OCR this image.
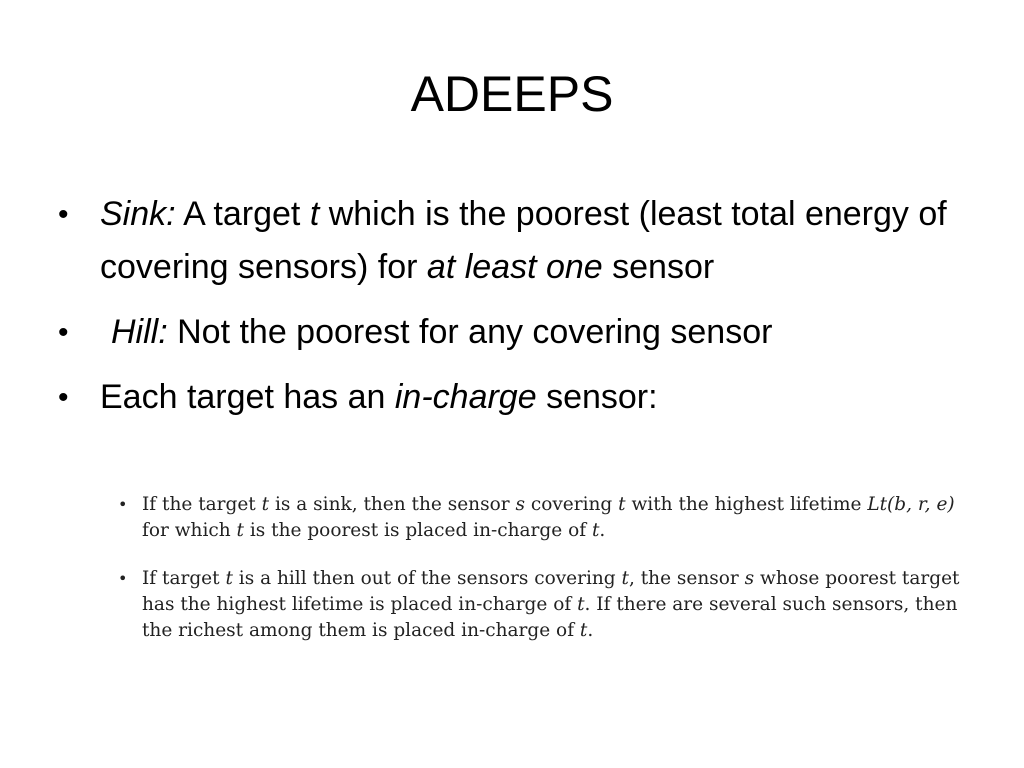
ADEEPS
• Sink: A target t which is the poorest (least total energy of covering sensors) for at least one sensor
• Hill: Not the poorest for any covering sensor
• Each target has an in-charge sensor:
• If the target t is a sink, then the sensor s covering t with the highest lifetime Lt(b, r, e)
for which t is the poorest is placed in-charge of t.
• If target t is a hill then out of the sensors covering t, the sensor s whose poorest target
has the highest lifetime is placed in-charge of t. If there are several such sensors, then
the richest among them is placed in-charge of t.
